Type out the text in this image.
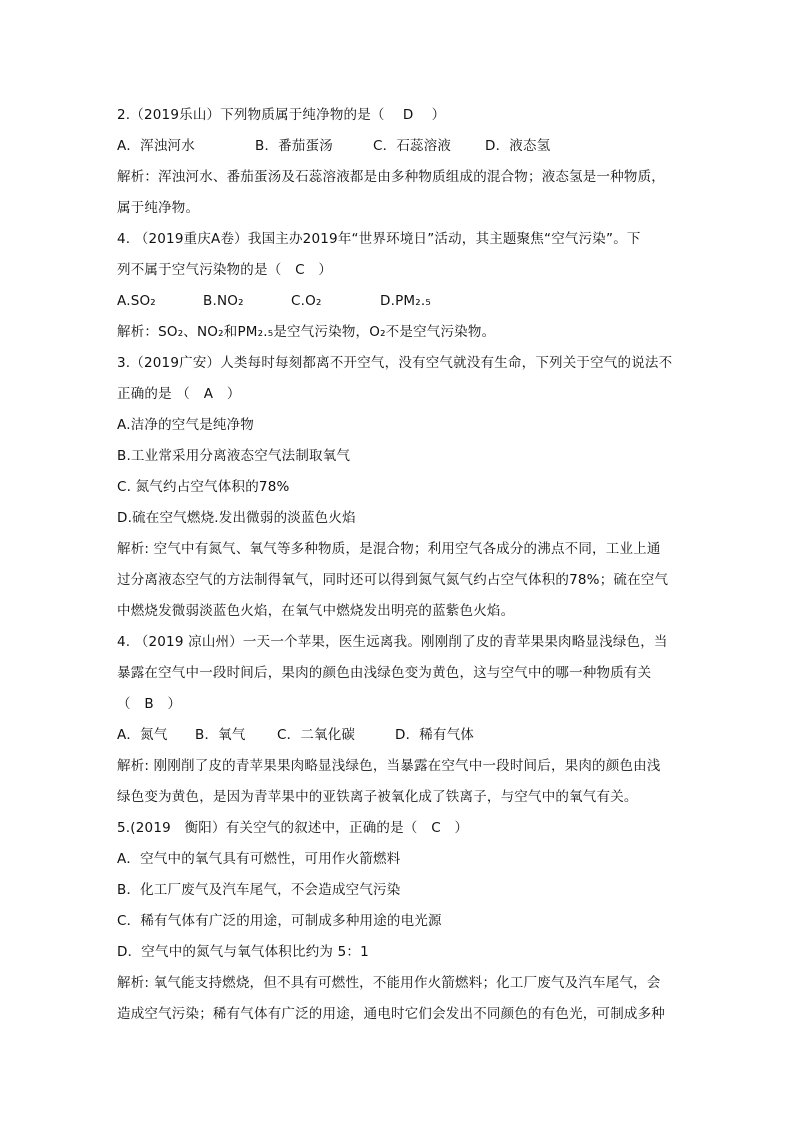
2.（2019乐山）下列物质属于纯净物的是（　 D　 ）
A．浑浊河水	B．番茄蛋汤	C．石蕊溶液	D．液态氢
解析：浑浊河水、番茄蛋汤及石蕊溶液都是由多种物质组成的混合物；液态氢是一种物质，
属于纯净物。
4. （2019重庆A卷）我国主办2019年“世界环境日”活动，其主题聚焦“空气污染”。下
列不属于空气污染物的是（　C　）
A.SO₂	B.NO₂	C.O₂	D.PM₂.₅
解析：SO₂、NO₂和PM₂.₅是空气污染物，O₂不是空气污染物。
3.（2019广安）人类每时每刻都离不开空气，没有空气就没有生命，下列关于空气的说法不
正确的是 （　A　）
A.洁净的空气是纯净物
B.工业常采用分离液态空气法制取氧气
C. 氮气约占空气体积的78%
D.硫在空气燃烧.发出微弱的淡蓝色火焰
解析: 空气中有氮气、氧气等多种物质，是混合物；利用空气各成分的沸点不同，工业上通
过分离液态空气的方法制得氧气，同时还可以得到氮气氮气约占空气体积的78%；硫在空气
中燃烧发微弱淡蓝色火焰，在氧气中燃烧发出明亮的蓝紫色火焰。
4. （2019 凉山州）一天一个苹果，医生远离我。刚刚削了皮的青苹果果肉略显浅绿色，当
暴露在空气中一段时间后，果肉的颜色由浅绿色变为黄色，这与空气中的哪一种物质有关
（　B　）
A．氮气	B．氧气	C．二氧化碳	D．稀有气体
解析: 刚刚削了皮的青苹果果肉略显浅绿色，当暴露在空气中一段时间后，果肉的颜色由浅
绿色变为黄色，是因为青苹果中的亚铁离子被氧化成了铁离子，与空气中的氧气有关。
5.(2019　衡阳）有关空气的叙述中，正确的是（　C　）
A．空气中的氧气具有可燃性，可用作火箭燃料
B．化工厂废气及汽车尾气，不会造成空气污染
C．稀有气体有广泛的用途，可制成多种用途的电光源
D．空气中的氮气与氧气体积比约为 5：1
解析: 氧气能支持燃烧，但不具有可燃性，不能用作火箭燃料；化工厂废气及汽车尾气，会
造成空气污染；稀有气体有广泛的用途，通电时它们会发出不同颜色的有色光，可制成多种
